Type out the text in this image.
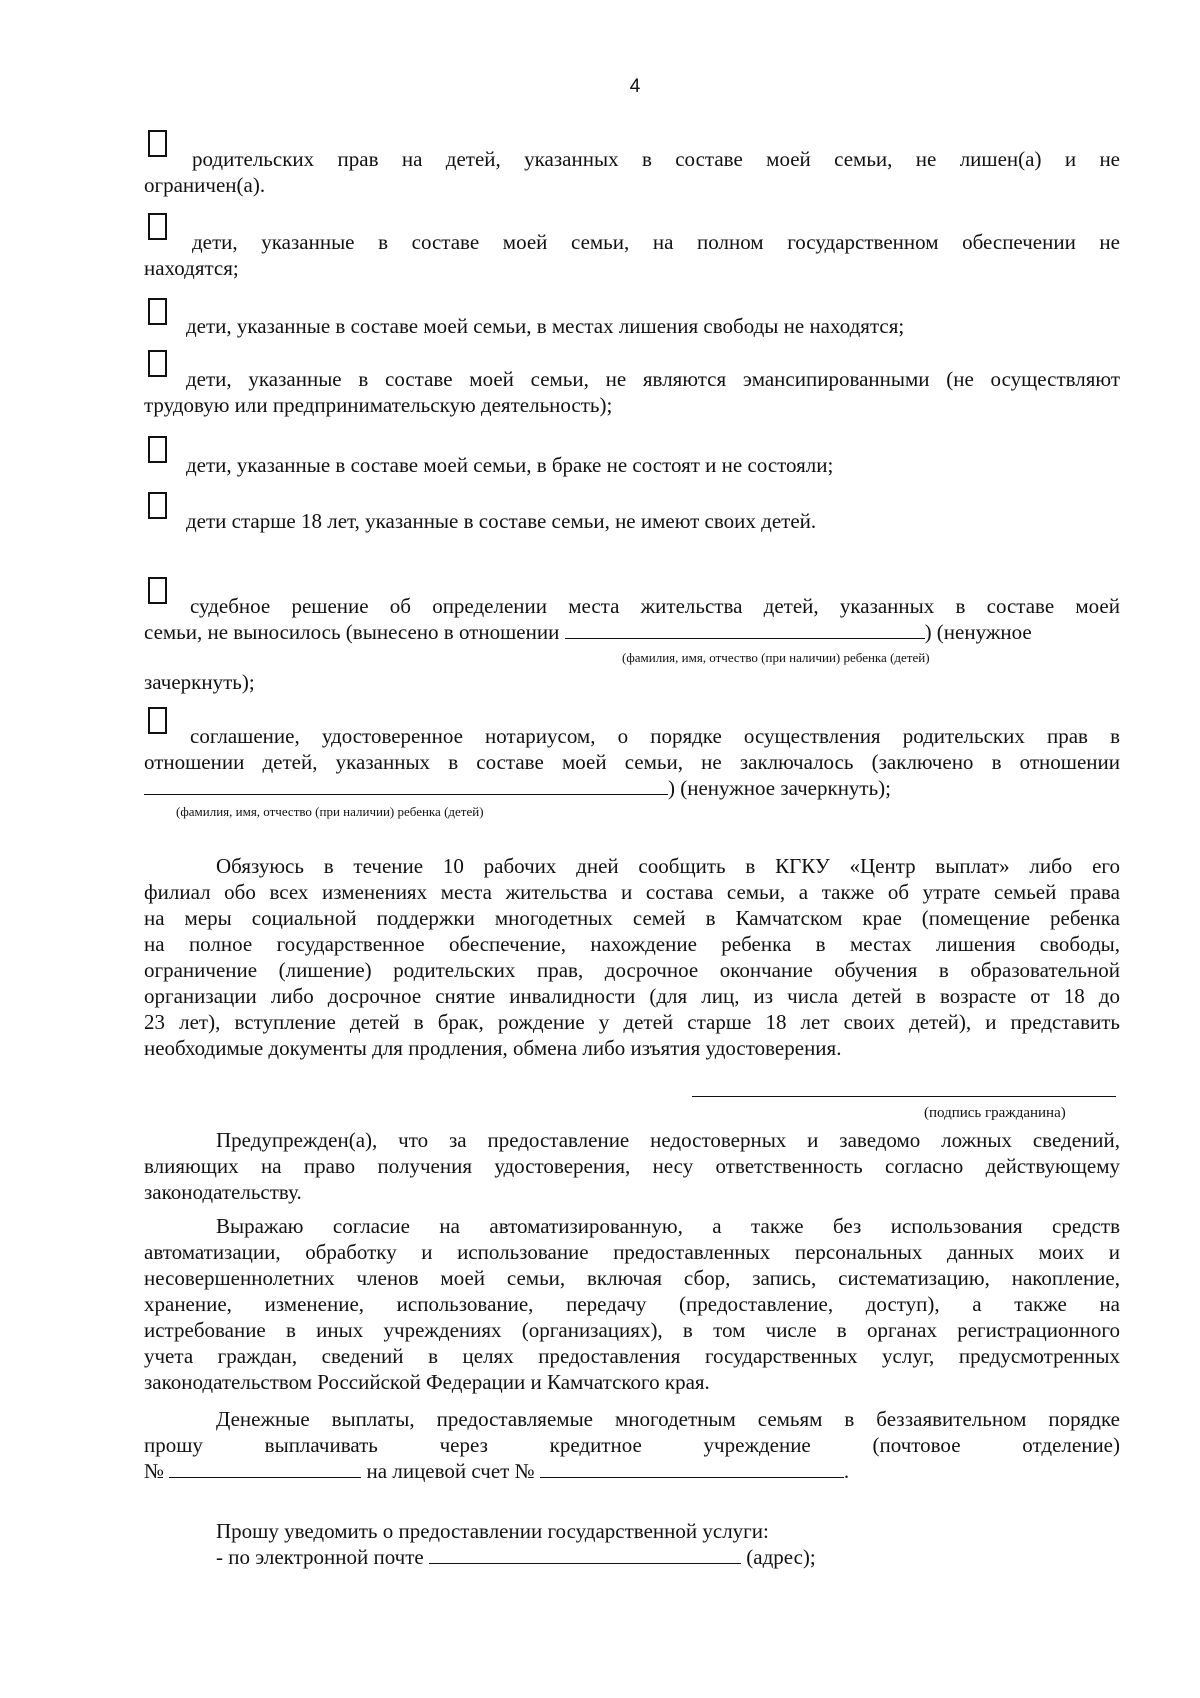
4
родительских прав на детей, указанных в составе моей семьи, не лишен(а) и не
ограничен(а).
дети, указанные в составе моей семьи, на полном государственном обеспечении не
находятся;
дети, указанные в составе моей семьи, в местах лишения свободы не находятся;
дети, указанные в составе моей семьи, не являются эмансипированными (не осуществляют
трудовую или предпринимательскую деятельность);
дети, указанные в составе моей семьи, в браке не состоят и не состояли;
дети старше 18 лет, указанные в составе семьи, не имеют своих детей.
судебное решение об определении места жительства детей, указанных в составе моей
семьи, не выносилось (вынесено в отношении	) (ненужное
(фамилия, имя, отчество (при наличии) ребенка (детей)
зачеркнуть);
соглашение, удостоверенное нотариусом, о порядке осуществления родительских прав в
отношении детей, указанных в составе моей семьи, не заключалось (заключено в отношении
) (ненужное зачеркнуть);
(фамилия, имя, отчество (при наличии) ребенка (детей)
Обязуюсь в течение 10 рабочих дней сообщить в КГКУ «Центр выплат» либо его
филиал обо всех изменениях места жительства и состава семьи, а также об утрате семьей права
на меры социальной поддержки многодетных семей в Камчатском крае (помещение ребенка
на полное государственное обеспечение, нахождение ребенка в местах лишения свободы,
ограничение (лишение) родительских прав, досрочное окончание обучения в образовательной
организации либо досрочное снятие инвалидности (для лиц, из числа детей в возрасте от 18 до
23 лет), вступление детей в брак, рождение у детей старше 18 лет своих детей), и представить
необходимые документы для продления, обмена либо изъятия удостоверения.
(подпись гражданина)
Предупрежден(а), что за предоставление недостоверных и заведомо ложных сведений,
влияющих на право получения удостоверения, несу ответственность согласно действующему
законодательству.
Выражаю согласие на автоматизированную, а также без использования средств
автоматизации, обработку и использование предоставленных персональных данных моих и
несовершеннолетних членов моей семьи, включая сбор, запись, систематизацию, накопление,
хранение, изменение, использование, передачу (предоставление, доступ), а также на
истребование в иных учреждениях (организациях), в том числе в органах регистрационного
учета граждан, сведений в целях предоставления государственных услуг, предусмотренных
законодательством Российской Федерации и Камчатского края.
Денежные выплаты, предоставляемые многодетным семьям в беззаявительном порядке
прошу выплачивать через кредитное учреждение (почтовое отделение)
№	на лицевой счет №	.
Прошу уведомить о предоставлении государственной услуги:
- по электронной почте	(адрес);
